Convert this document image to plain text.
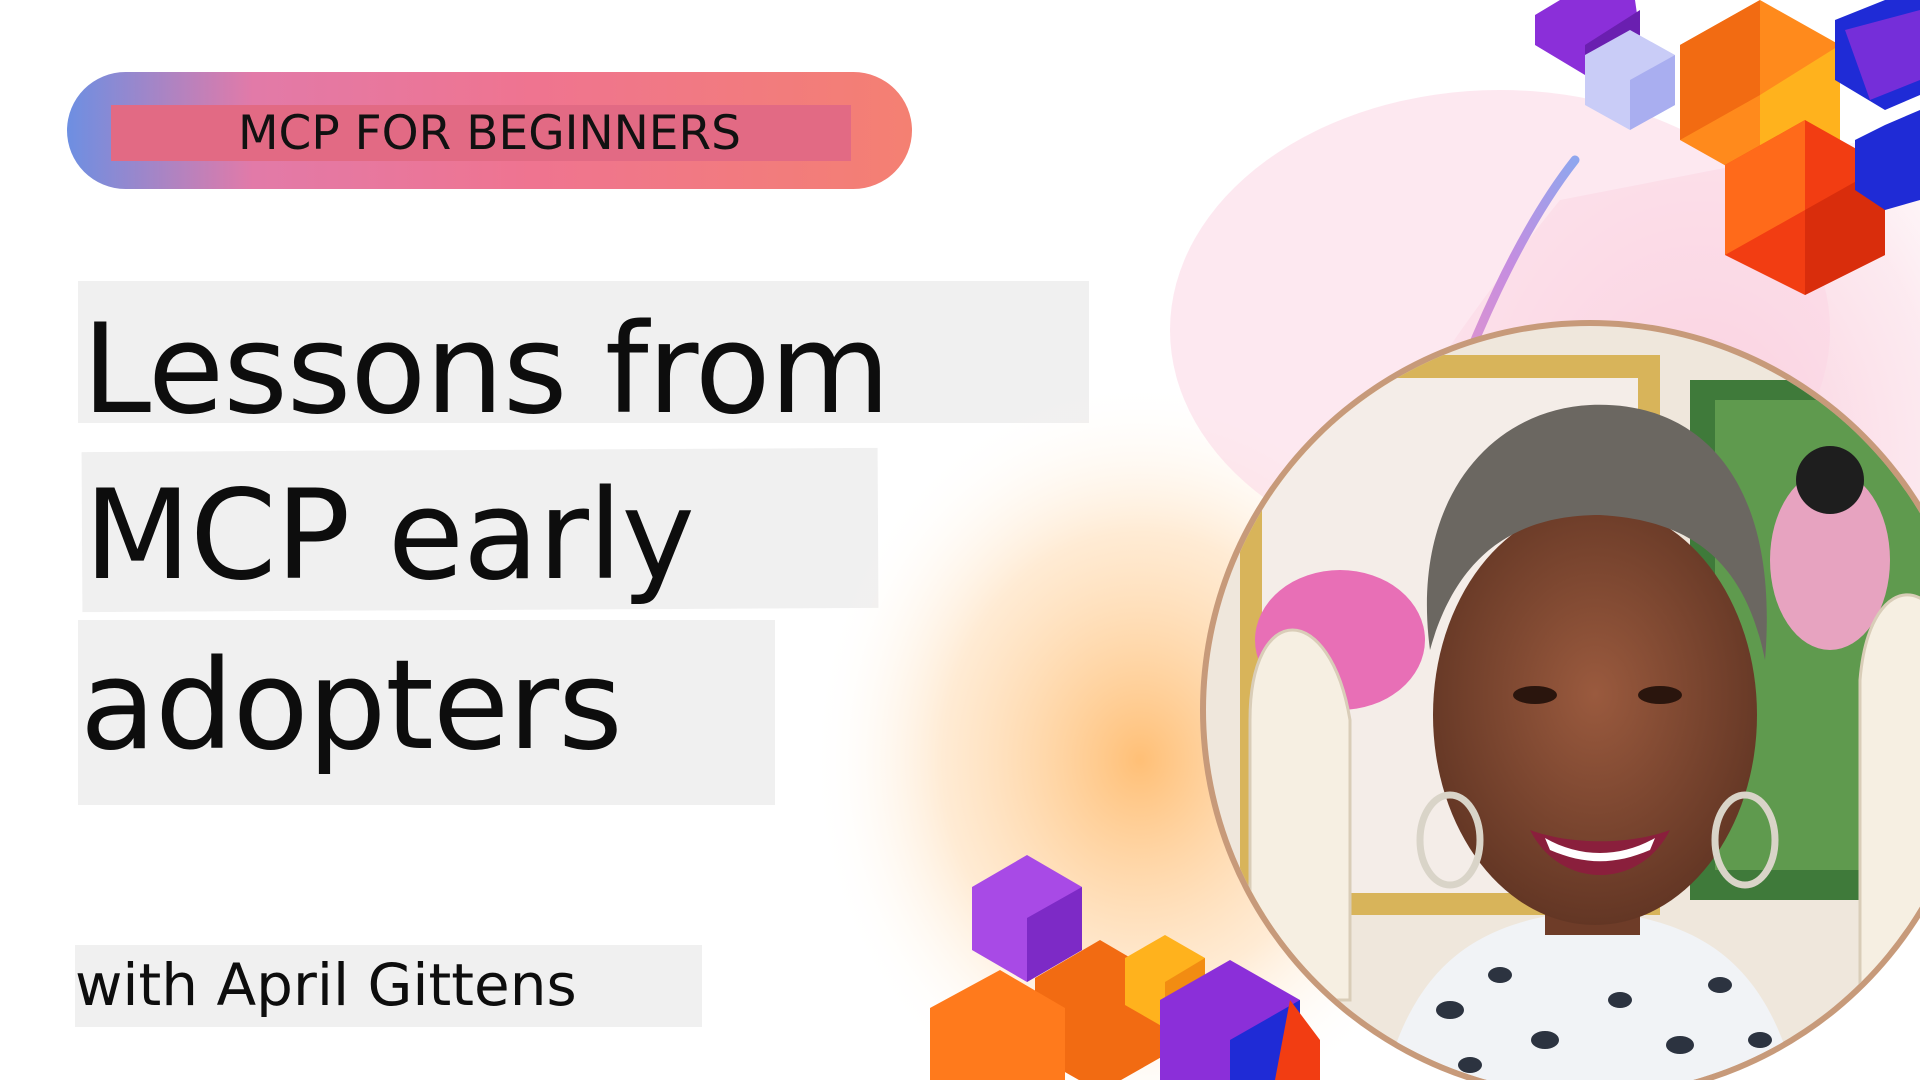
MCP FOR BEGINNERS
Lessons from
MCP early
adopters
with April Gittens
